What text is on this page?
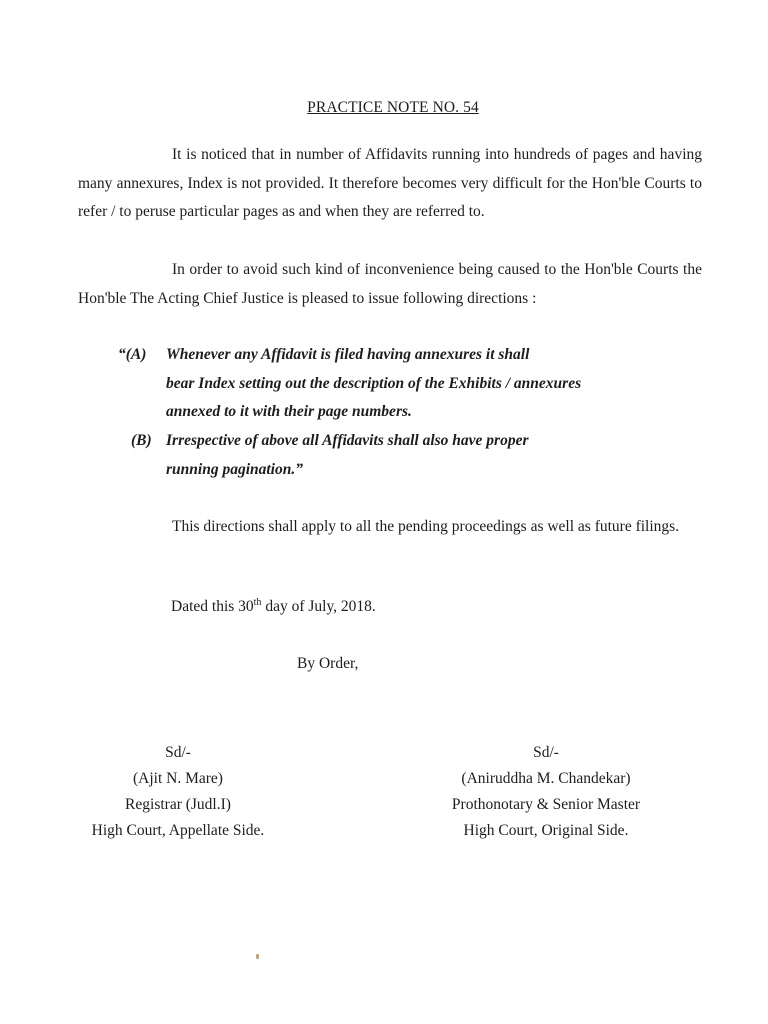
PRACTICE NOTE NO. 54
It is noticed that in number of Affidavits running into hundreds of pages and having many annexures, Index is not provided. It therefore becomes very difficult for the Hon'ble Courts to refer / to peruse particular pages as and when they are referred to.
In order to avoid such kind of inconvenience being caused to the Hon'ble Courts the Hon'ble The Acting Chief Justice is pleased to issue following directions :
“(A)	Whenever any Affidavit is filed having annexures it shall
bear Index setting out the description of the Exhibits / annexures annexed to it with their page numbers.
(B) Irrespective of above all Affidavits shall also have proper
running pagination.”
This directions shall apply to all the pending proceedings as well as future filings.
Dated this 30th day of July, 2018.
By Order,
Sd/-
(Ajit N. Mare)
Registrar (Judl.I)
High Court, Appellate Side.
Sd/-
(Aniruddha M. Chandekar)
Prothonotary & Senior Master
High Court, Original Side.
